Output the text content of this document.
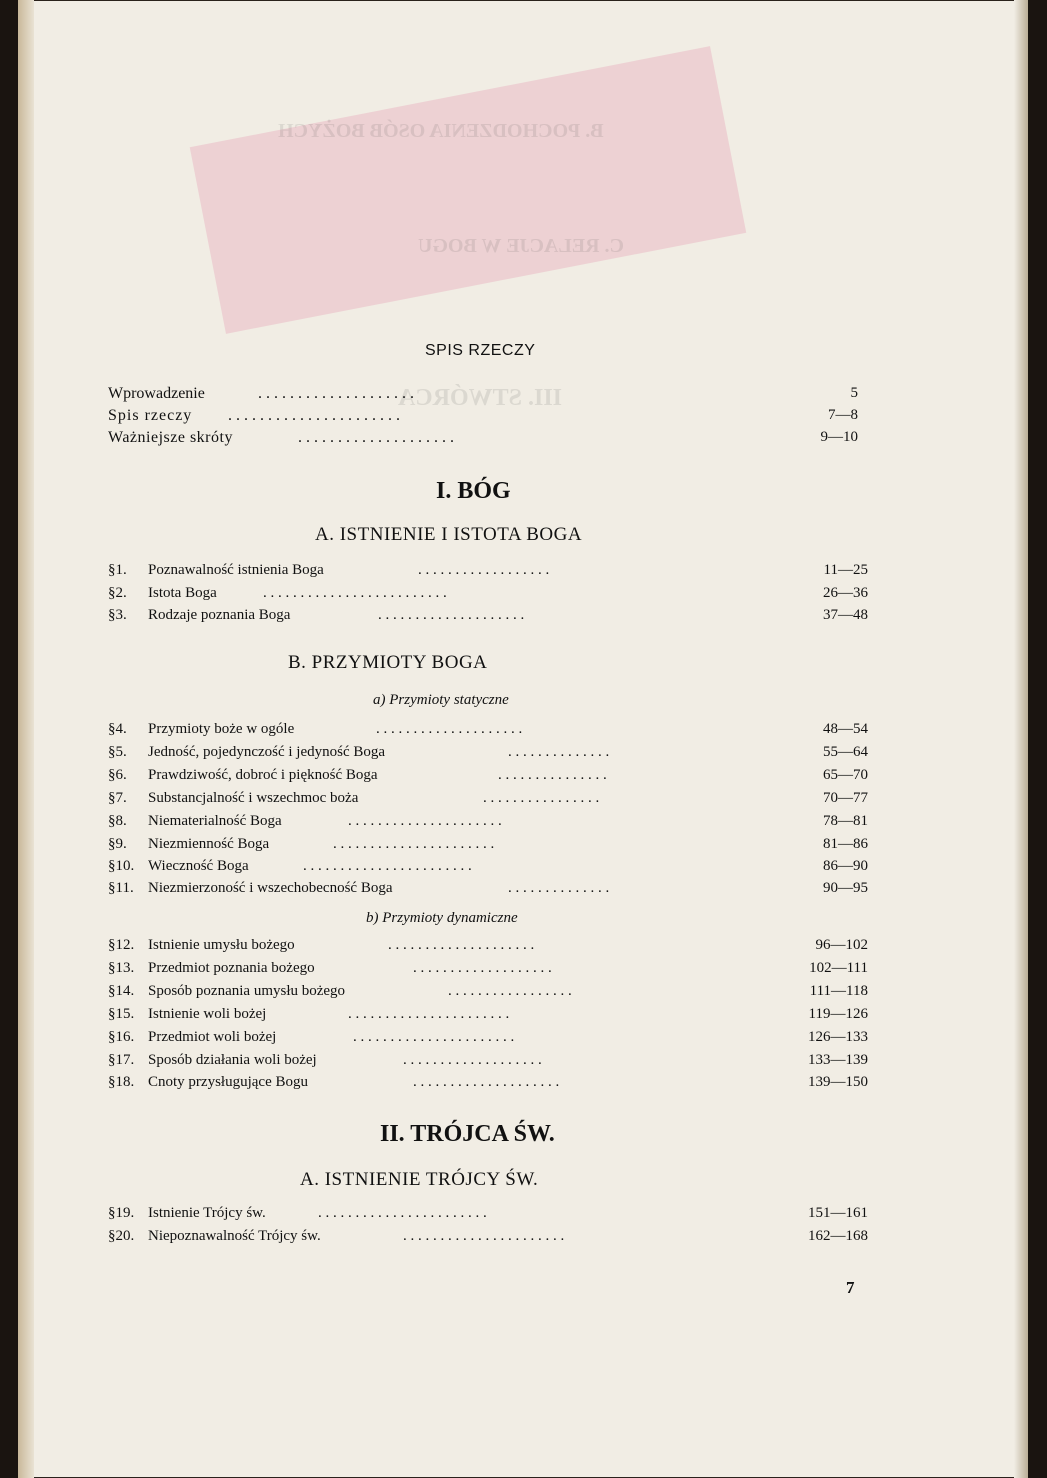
B. POCHODZENIA OSÓB BOŻYCH
C. RELACJE W BOGU
III. STWÓRCA
SPIS RZECZY
Wprowadzenie	. . . . . . . . . . . . . . . . . . . .	5
Spis rzeczy . . . . . . . . . . . . . . . . . . . . . .	7—8
Ważniejsze skróty	. . . . . . . . . . . . . . . . . . . .	9—10
I. BÓG
A. ISTNIENIE I ISTOTA BOGA
§1. Poznawalność istnienia Boga	. . . . . . . . . . . . . . . . . .	11—25
§2. Istota Boga	. . . . . . . . . . . . . . . . . . . . . . . . .	26—36
§3. Rodzaje poznania Boga	. . . . . . . . . . . . . . . . . . . .	37—48
B. PRZYMIOTY BOGA
a) Przymioty statyczne
§4. Przymioty boże w ogóle	. . . . . . . . . . . . . . . . . . . .	48—54
§5. Jedność, pojedynczość i jedyność Boga	. . . . . . . . . . . . . .	55—64
§6. Prawdziwość, dobroć i piękność Boga	. . . . . . . . . . . . . . .	65—70
§7. Substancjalność i wszechmoc boża	. . . . . . . . . . . . . . . .	70—77
§8. Niematerialność Boga	. . . . . . . . . . . . . . . . . . . . .	78—81
§9. Niezmienność Boga	. . . . . . . . . . . . . . . . . . . . . .	81—86
§10. Wieczność Boga	. . . . . . . . . . . . . . . . . . . . . . .	86—90
§11. Niezmierzoność i wszechobecność Boga	. . . . . . . . . . . . . .	90—95
b) Przymioty dynamiczne
§12. Istnienie umysłu bożego	. . . . . . . . . . . . . . . . . . . .	96—102
§13. Przedmiot poznania bożego	. . . . . . . . . . . . . . . . . . .	102—111
§14. Sposób poznania umysłu bożego	. . . . . . . . . . . . . . . . .	111—118
§15. Istnienie woli bożej	. . . . . . . . . . . . . . . . . . . . . .	119—126
§16. Przedmiot woli bożej	. . . . . . . . . . . . . . . . . . . . . .	126—133
§17. Sposób działania woli bożej	. . . . . . . . . . . . . . . . . . .	133—139
§18. Cnoty przysługujące Bogu	. . . . . . . . . . . . . . . . . . . .	139—150
II. TRÓJCA ŚW.
A. ISTNIENIE TRÓJCY ŚW.
§19. Istnienie Trójcy św.	. . . . . . . . . . . . . . . . . . . . . . .	151—161
§20. Niepoznawalność Trójcy św.	. . . . . . . . . . . . . . . . . . . . . .	162—168
7
